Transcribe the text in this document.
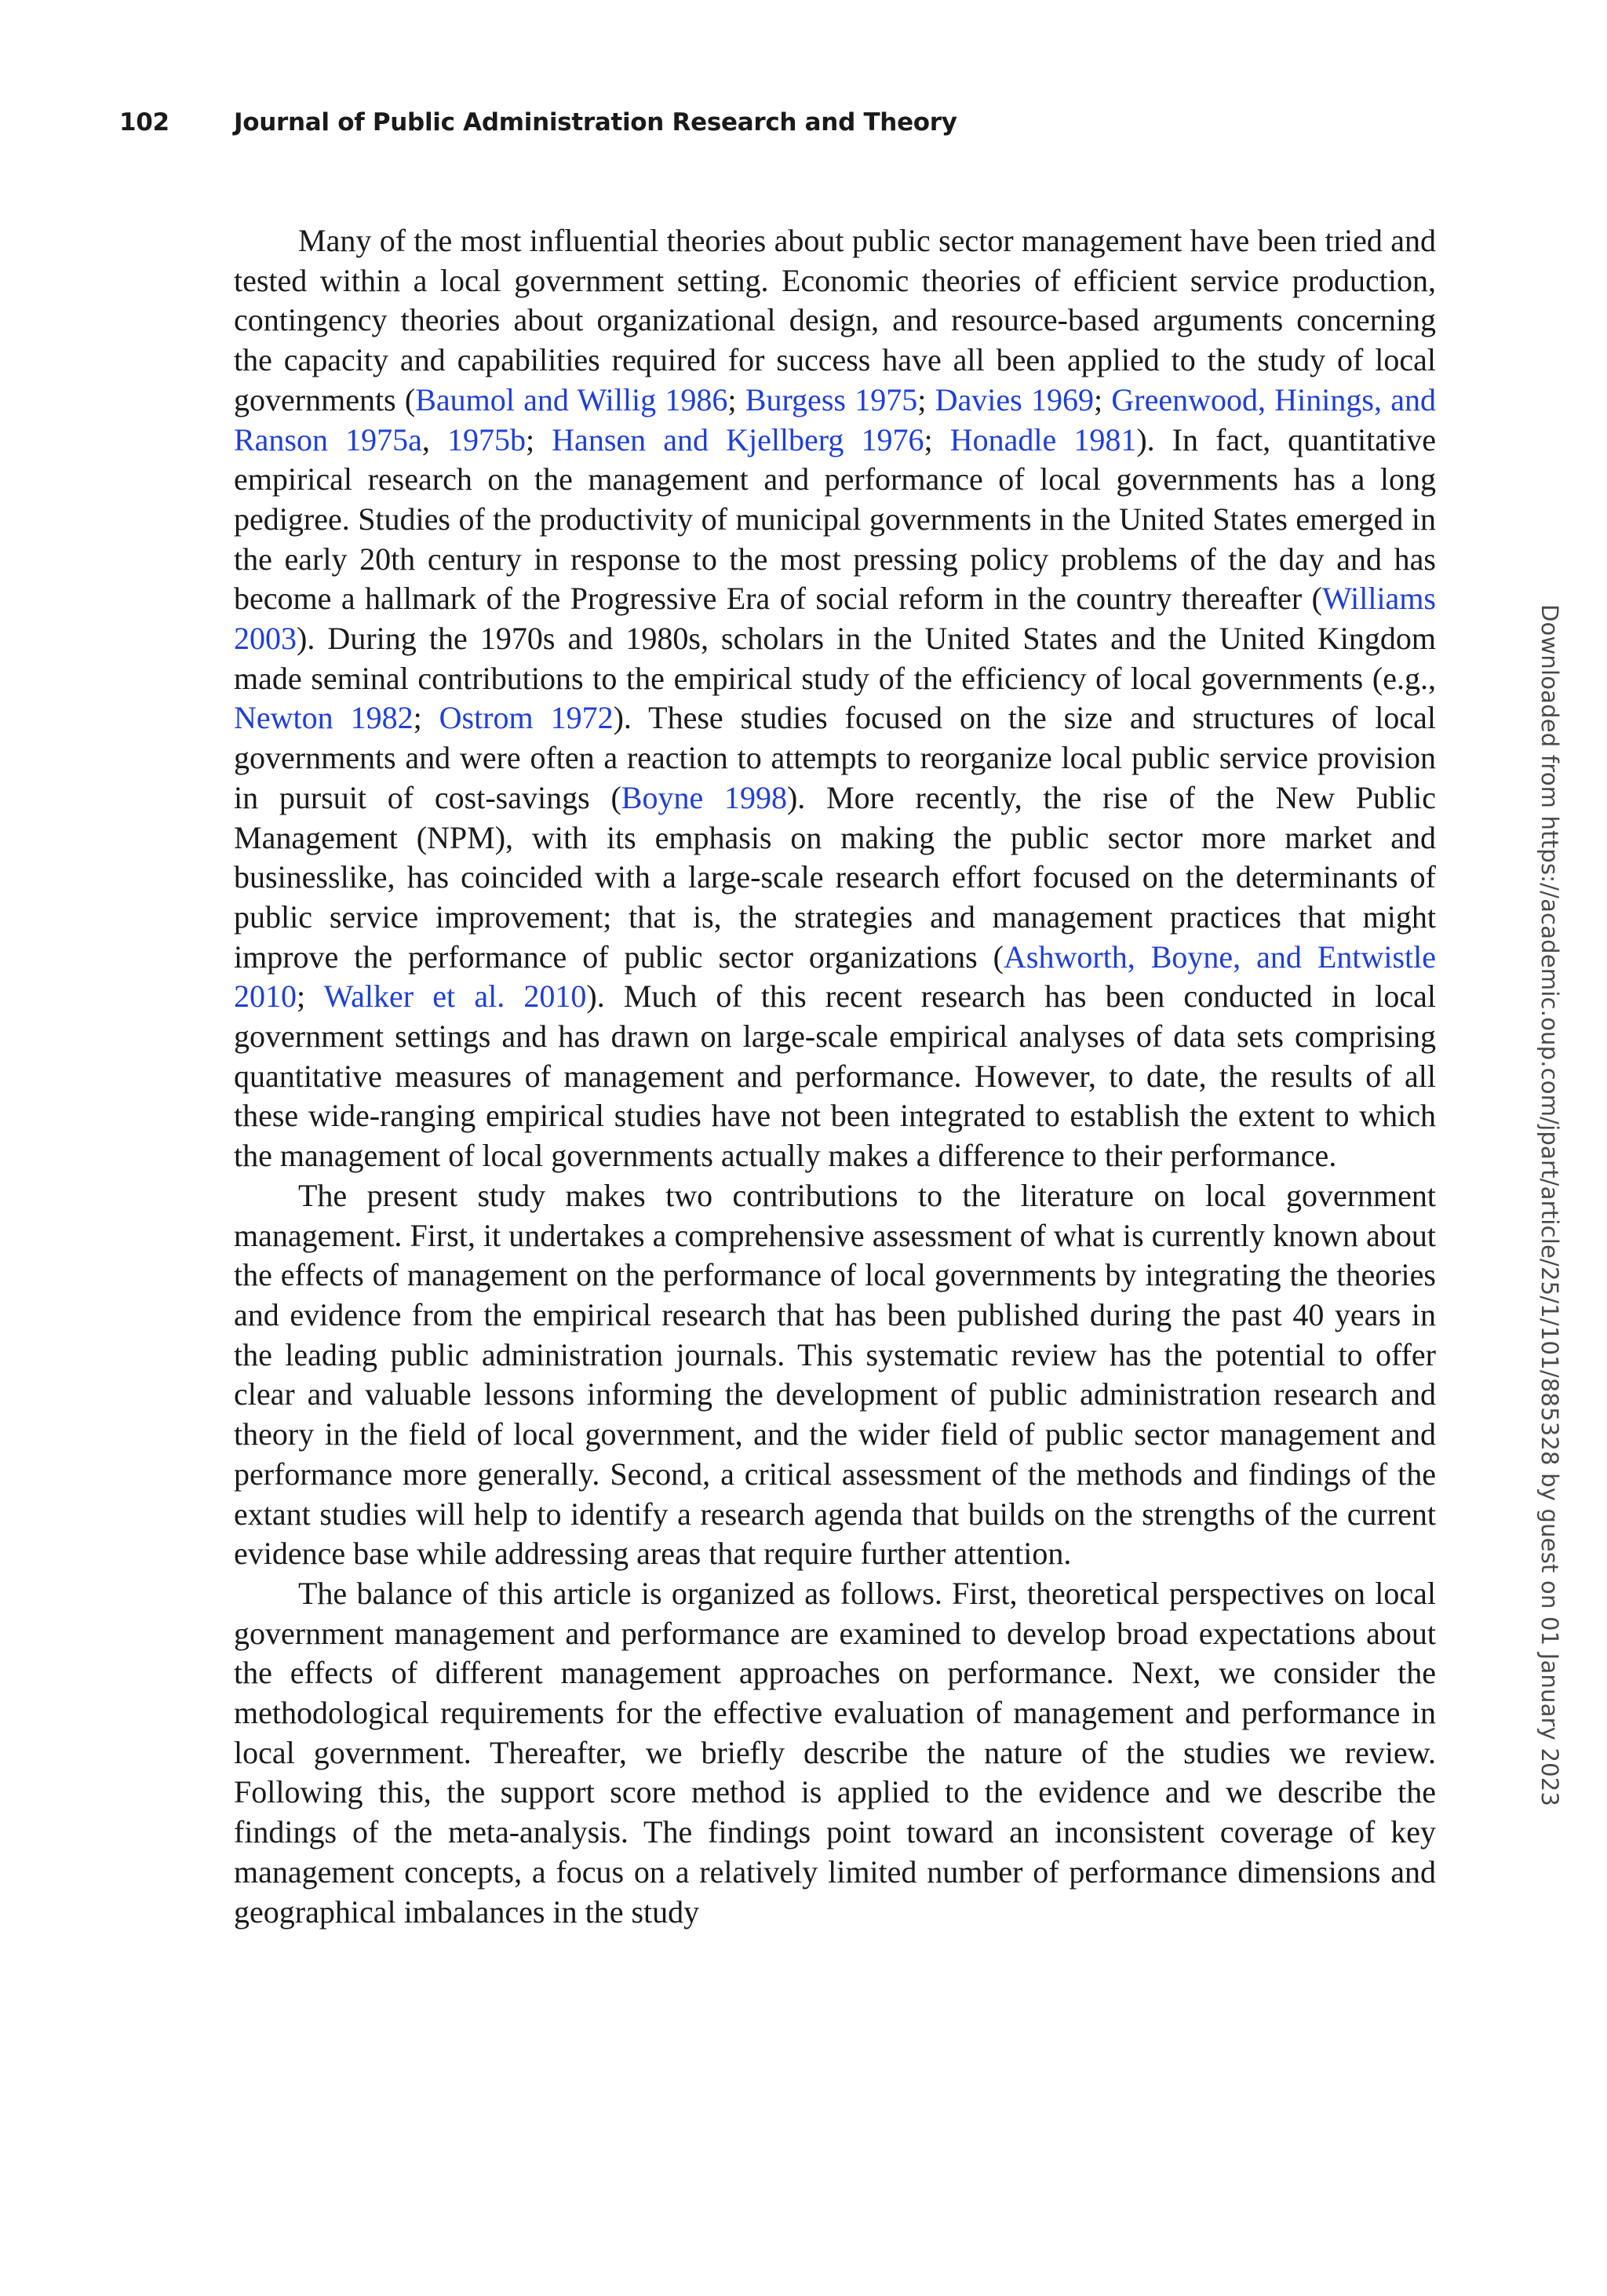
102	Journal of Public Administration Research and Theory

Many of the most influential theories about public sector management have been tried and tested within a local government setting. Economic theories of efficient service production, contingency theories about organizational design, and resource-based arguments concerning the capacity and capabilities required for success have all been applied to the study of local governments (Baumol and Willig 1986; Burgess 1975; Davies 1969; Greenwood, Hinings, and Ranson 1975a, 1975b; Hansen and Kjellberg 1976; Honadle 1981). In fact, quantitative empirical research on the management and performance of local governments has a long pedigree. Studies of the productivity of municipal governments in the United States emerged in the early 20th century in response to the most pressing policy problems of the day and has become a hallmark of the Progressive Era of social reform in the country thereafter (Williams 2003). During the 1970s and 1980s, scholars in the United States and the United Kingdom made seminal contributions to the empirical study of the efficiency of local governments (e.g., Newton 1982; Ostrom 1972). These studies focused on the size and structures of local governments and were often a reaction to attempts to reorganize local public service provision in pursuit of cost-savings (Boyne 1998). More recently, the rise of the New Public Management (NPM), with its emphasis on making the public sector more market and businesslike, has coincided with a large-scale research effort focused on the determinants of public service improvement; that is, the strategies and management practices that might improve the performance of public sector organizations (Ashworth, Boyne, and Entwistle 2010; Walker et al. 2010). Much of this recent research has been conducted in local government settings and has drawn on large-scale empirical analyses of data sets comprising quantitative measures of management and performance. However, to date, the results of all these wide-ranging empirical studies have not been integrated to establish the extent to which the management of local governments actually makes a difference to their performance.

The present study makes two contributions to the literature on local government management. First, it undertakes a comprehensive assessment of what is currently known about the effects of management on the performance of local governments by integrating the theories and evidence from the empirical research that has been published during the past 40 years in the leading public administration journals. This systematic review has the potential to offer clear and valuable lessons informing the development of public administration research and theory in the field of local government, and the wider field of public sector management and performance more generally. Second, a critical assessment of the methods and findings of the extant studies will help to identify a research agenda that builds on the strengths of the current evidence base while addressing areas that require further attention.

The balance of this article is organized as follows. First, theoretical perspectives on local government management and performance are examined to develop broad expectations about the effects of different management approaches on performance. Next, we consider the methodological requirements for the effective evaluation of management and performance in local government. Thereafter, we briefly describe the nature of the studies we review. Following this, the support score method is applied to the evidence and we describe the findings of the meta-analysis. The findings point toward an inconsistent coverage of key management concepts, a focus on a relatively limited number of performance dimensions and geographical imbalances in the study

Downloaded from https://academic.oup.com/jpart/article/25/1/101/885328 by guest on 01 January 2023
